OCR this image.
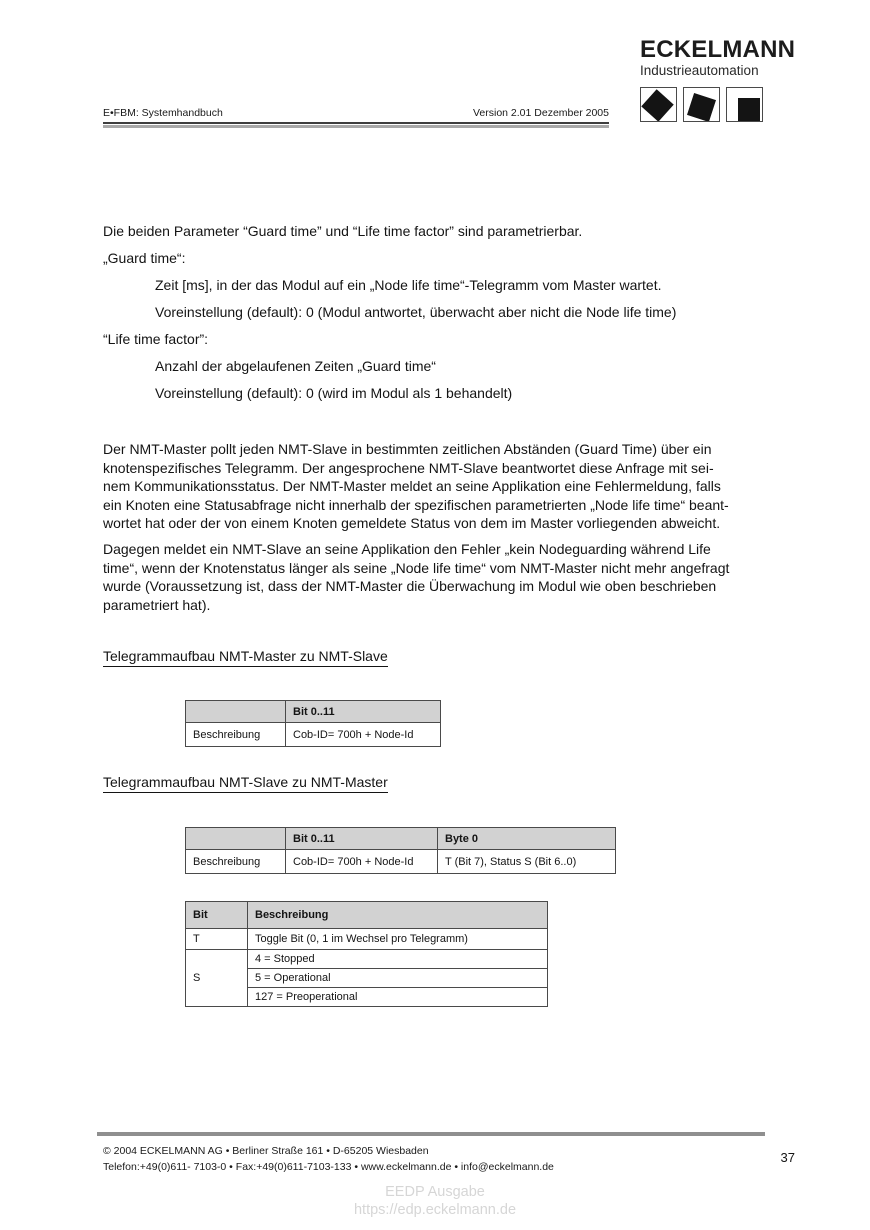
E•FBM: Systemhandbuch	Version 2.01 Dezember 2005
ECKELMANN
Industrieautomation
Die beiden Parameter “Guard time” und “Life time factor” sind parametrierbar.
„Guard time“:
Zeit [ms], in der das Modul auf ein „Node life time“-Telegramm vom Master wartet.
Voreinstellung (default): 0 (Modul antwortet, überwacht aber nicht die Node life time)
“Life time factor”:
Anzahl der abgelaufenen Zeiten „Guard time“
Voreinstellung (default): 0 (wird im Modul als 1 behandelt)
Der NMT-Master pollt jeden NMT-Slave in bestimmten zeitlichen Abständen (Guard Time) über ein
knotenspezifisches Telegramm. Der angesprochene NMT-Slave beantwortet diese Anfrage mit sei-
nem Kommunikationsstatus. Der NMT-Master meldet an seine Applikation eine Fehlermeldung, falls
ein Knoten eine Statusabfrage nicht innerhalb der spezifischen parametrierten „Node life time“ beant-
wortet hat oder der von einem Knoten gemeldete Status von dem im Master vorliegenden abweicht.
Dagegen meldet ein NMT-Slave an seine Applikation den Fehler „kein Nodeguarding während Life
time“, wenn der Knotenstatus länger als seine „Node life time“ vom NMT-Master nicht mehr angefragt
wurde (Voraussetzung ist, dass der NMT-Master die Überwachung im Modul wie oben beschrieben
parametriert hat).
Telegrammaufbau NMT-Master zu NMT-Slave
	Bit 0..11
Beschreibung	Cob-ID= 700h + Node-Id
Telegrammaufbau NMT-Slave zu NMT-Master
	Bit 0..11	Byte 0
Beschreibung	Cob-ID= 700h + Node-Id	T (Bit 7), Status S (Bit 6..0)
Bit	Beschreibung
T	Toggle Bit (0, 1 im Wechsel pro Telegramm)
S	4 = Stopped
	5 = Operational
	127 = Preoperational
© 2004 ECKELMANN AG • Berliner Straße 161 • D-65205 Wiesbaden
Telefon:+49(0)611- 7103-0 • Fax:+49(0)611-7103-133 • www.eckelmann.de • info@eckelmann.de
37
EEDP Ausgabe
https://edp.eckelmann.de
